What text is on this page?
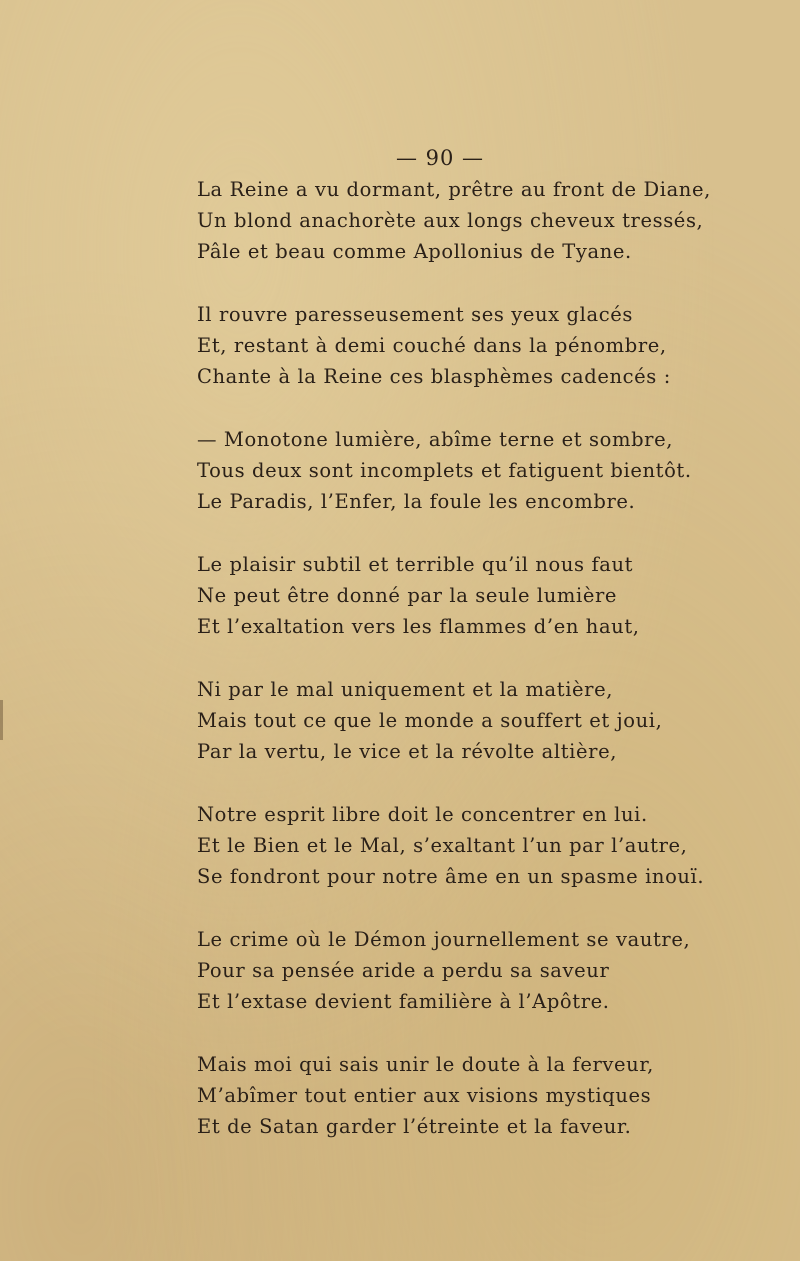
— 90 —
La Reine a vu dormant, prêtre au front de Diane,
Un blond anachorète aux longs cheveux tressés,
Pâle et beau comme Apollonius de Tyane.
Il rouvre paresseusement ses yeux glacés
Et, restant à demi couché dans la pénombre,
Chante à la Reine ces blasphèmes cadencés :
— Monotone lumière, abîme terne et sombre,
Tous deux sont incomplets et fatiguent bientôt.
Le Paradis, l’Enfer, la foule les encombre.
Le plaisir subtil et terrible qu’il nous faut
Ne peut être donné par la seule lumière
Et l’exaltation vers les flammes d’en haut,
Ni par le mal uniquement et la matière,
Mais tout ce que le monde a souffert et joui,
Par la vertu, le vice et la révolte altière,
Notre esprit libre doit le concentrer en lui.
Et le Bien et le Mal, s’exaltant l’un par l’autre,
Se fondront pour notre âme en un spasme inouï.
Le crime où le Démon journellement se vautre,
Pour sa pensée aride a perdu sa saveur
Et l’extase devient familière à l’Apôtre.
Mais moi qui sais unir le doute à la ferveur,
M’abîmer tout entier aux visions mystiques
Et de Satan garder l’étreinte et la faveur.
